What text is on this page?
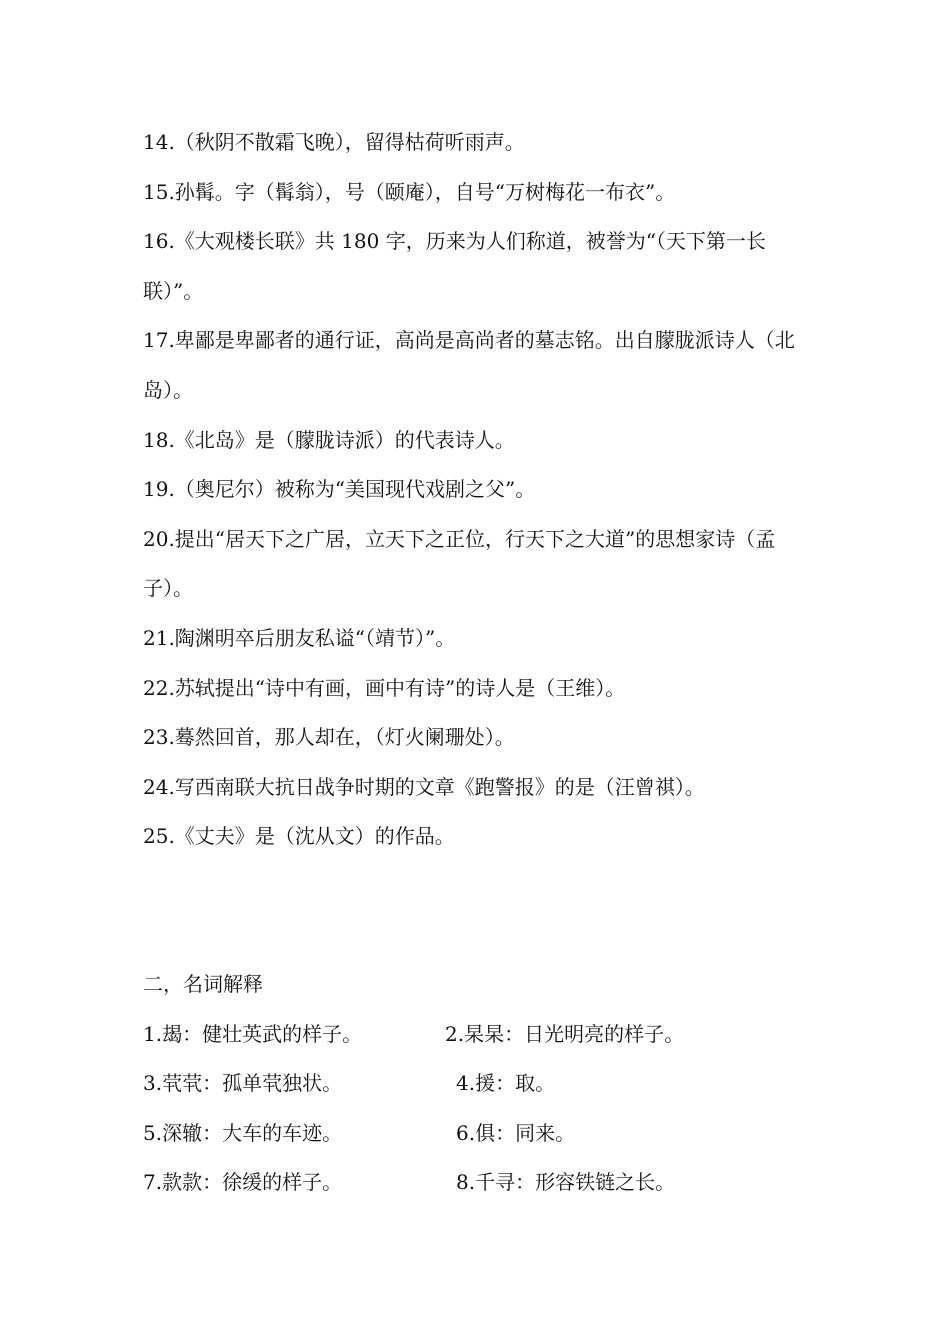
14.（秋阴不散霜飞晚），留得枯荷听雨声。

15.孙髯。字（髯翁），号（颐庵），自号“万树梅花一布衣”。

16.《大观楼长联》共 180 字，历来为人们称道，被誉为“（天下第一长联）”。

17.卑鄙是卑鄙者的通行证，高尚是高尚者的墓志铭。出自朦胧派诗人（北岛）。

18.《北岛》是（朦胧诗派）的代表诗人。

19.（奥尼尔）被称为“美国现代戏剧之父”。

20.提出“居天下之广居，立天下之正位，行天下之大道”的思想家诗（孟子）。

21.陶渊明卒后朋友私谥“（靖节）”。

22.苏轼提出“诗中有画，画中有诗”的诗人是（王维）。

23.蓦然回首，那人却在，（灯火阑珊处）。

24.写西南联大抗日战争时期的文章《跑警报》的是（汪曾祺）。

25.《丈夫》是（沈从文）的作品。

二，名词解释

1.朅：健壮英武的样子。	2.杲杲：日光明亮的样子。
3.茕茕：孤单茕独状。	4.援：取。
5.深辙：大车的车迹。	6.俱：同来。
7.款款：徐缓的样子。	8.千寻：形容铁链之长。
